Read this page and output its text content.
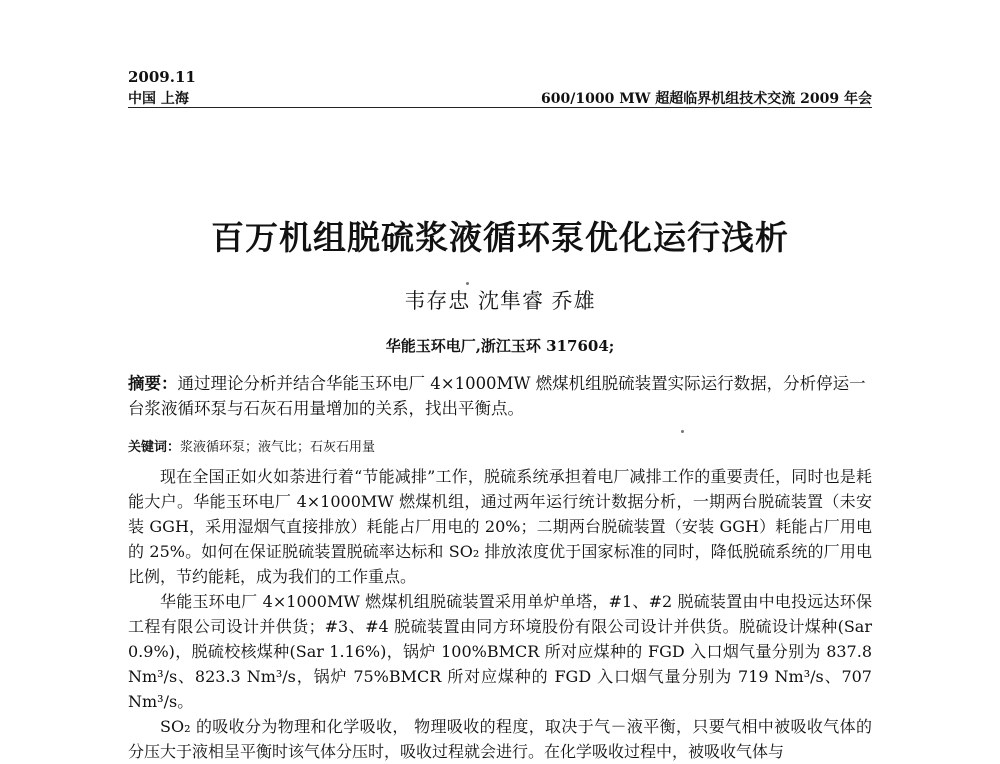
2009.11
中国 上海	600/1000 MW 超超临界机组技术交流 2009 年会
百万机组脱硫浆液循环泵优化运行浅析
韦存忠 沈隼睿 乔雄
华能玉环电厂,浙江玉环 317604;
摘要：通过理论分析并结合华能玉环电厂 4×1000MW 燃煤机组脱硫装置实际运行数据，分析停运一台浆液循环泵与石灰石用量增加的关系，找出平衡点。
关键词：浆液循环泵；液气比；石灰石用量

现在全国正如火如荼进行着“节能减排”工作，脱硫系统承担着电厂减排工作的重要责任，同时也是耗能大户。华能玉环电厂 4×1000MW 燃煤机组，通过两年运行统计数据分析，一期两台脱硫装置（未安装 GGH，采用湿烟气直接排放）耗能占厂用电的 20%；二期两台脱硫装置（安装 GGH）耗能占厂用电的 25%。如何在保证脱硫装置脱硫率达标和 SO₂ 排放浓度优于国家标准的同时，降低脱硫系统的厂用电比例，节约能耗，成为我们的工作重点。

华能玉环电厂 4×1000MW 燃煤机组脱硫装置采用单炉单塔，#1、#2 脱硫装置由中电投远达环保工程有限公司设计并供货；#3、#4 脱硫装置由同方环境股份有限公司设计并供货。脱硫设计煤种(Sar 0.9%)，脱硫校核煤种(Sar 1.16%)，锅炉 100%BMCR 所对应煤种的 FGD 入口烟气量分别为 837.8 Nm³/s、823.3 Nm³/s，锅炉 75%BMCR 所对应煤种的 FGD 入口烟气量分别为 719 Nm³/s、707 Nm³/s。

SO₂ 的吸收分为物理和化学吸收， 物理吸收的程度，取决于气－液平衡，只要气相中被吸收气体的分压大于液相呈平衡时该气体分压时，吸收过程就会进行。在化学吸收过程中，被吸收气体与
